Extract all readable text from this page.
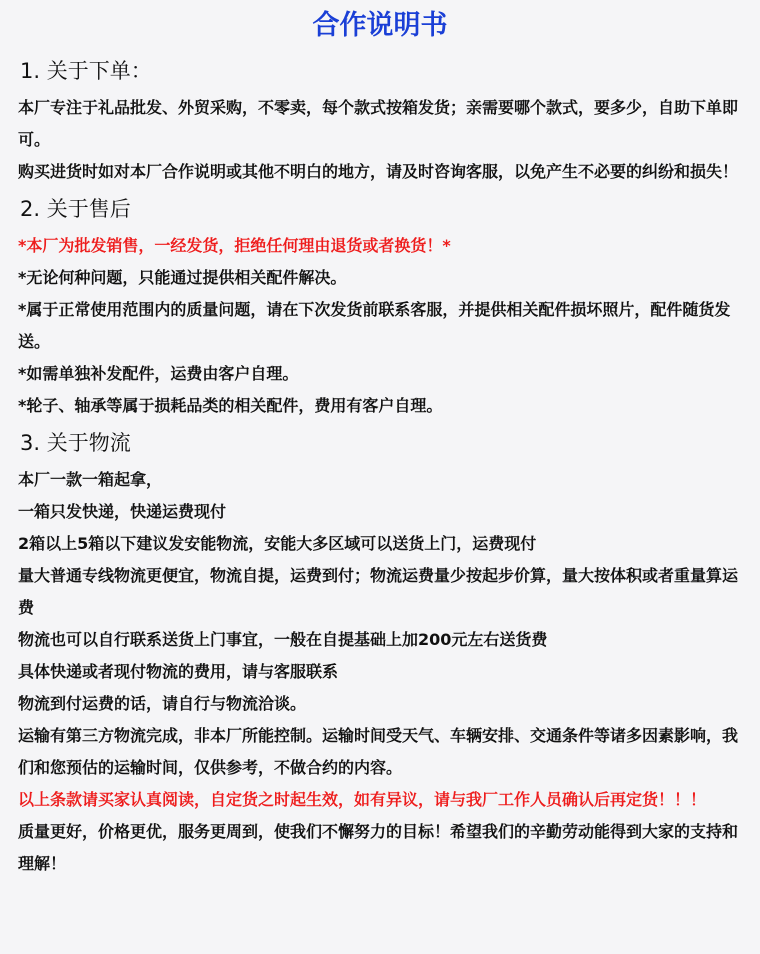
合作说明书
1. 关于下单：

本厂专注于礼品批发、外贸采购，不零卖，每个款式按箱发货；亲需要哪个款式，要多少，自助下单即可。

购买进货时如对本厂合作说明或其他不明白的地方，请及时咨询客服，以免产生不必要的纠纷和损失！

2. 关于售后

*本厂为批发销售，一经发货，拒绝任何理由退货或者换货！*

*无论何种问题，只能通过提供相关配件解决。

*属于正常使用范围内的质量问题，请在下次发货前联系客服，并提供相关配件损坏照片，配件随货发送。

*如需单独补发配件，运费由客户自理。

*轮子、轴承等属于损耗品类的相关配件，费用有客户自理。

3. 关于物流

本厂一款一箱起拿，

一箱只发快递，快递运费现付

2箱以上5箱以下建议发安能物流，安能大多区域可以送货上门，运费现付

量大普通专线物流更便宜，物流自提，运费到付；物流运费量少按起步价算，量大按体积或者重量算运费

物流也可以自行联系送货上门事宜，一般在自提基础上加200元左右送货费

具体快递或者现付物流的费用，请与客服联系

物流到付运费的话，请自行与物流洽谈。

运输有第三方物流完成，非本厂所能控制。运输时间受天气、车辆安排、交通条件等诸多因素影响，我们和您预估的运输时间，仅供参考，不做合约的内容。

以上条款请买家认真阅读，自定货之时起生效，如有异议，请与我厂工作人员确认后再定货！！！

质量更好，价格更优，服务更周到，使我们不懈努力的目标！希望我们的辛勤劳动能得到大家的支持和理解！
